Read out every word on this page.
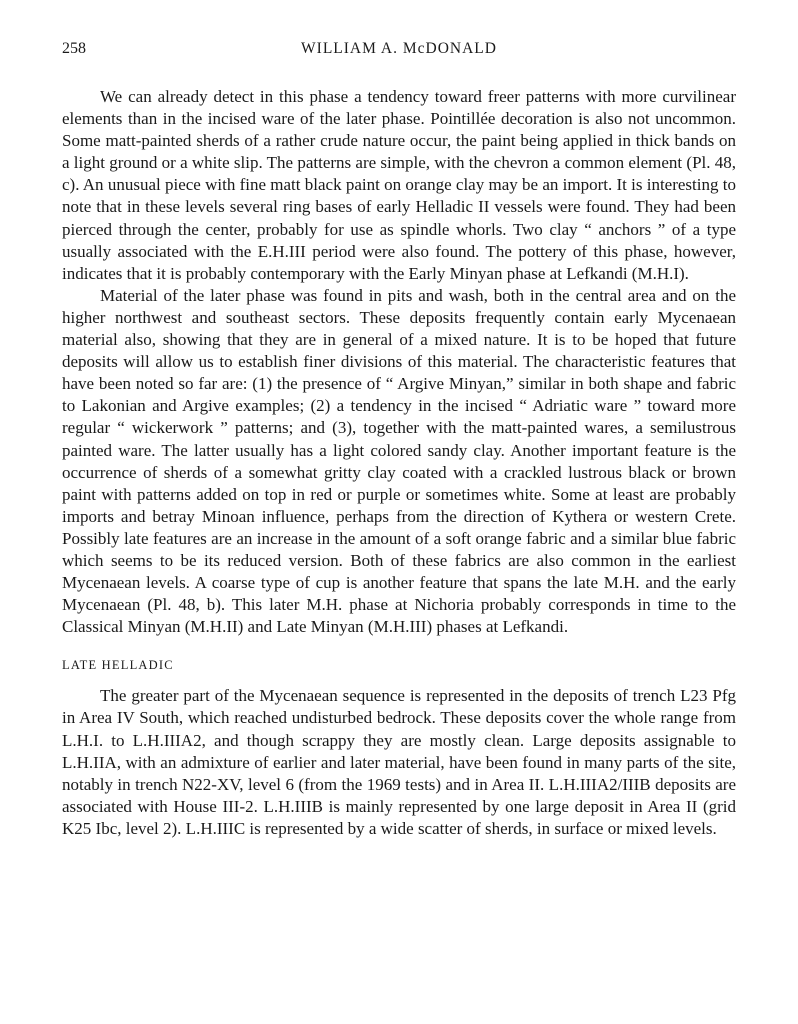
258	WILLIAM A. McDONALD

We can already detect in this phase a tendency toward freer patterns with more curvilinear elements than in the incised ware of the later phase. Pointillée decoration is also not uncommon. Some matt-painted sherds of a rather crude nature occur, the paint being applied in thick bands on a light ground or a white slip. The patterns are simple, with the chevron a common element (Pl. 48, c). An unusual piece with fine matt black paint on orange clay may be an import. It is interesting to note that in these levels several ring bases of early Helladic II vessels were found. They had been pierced through the center, probably for use as spindle whorls. Two clay “ anchors ” of a type usually associated with the E.H.III period were also found. The pottery of this phase, however, indicates that it is probably contemporary with the Early Minyan phase at Lefkandi (M.H.I).

Material of the later phase was found in pits and wash, both in the central area and on the higher northwest and southeast sectors. These deposits frequently contain early Mycenaean material also, showing that they are in general of a mixed nature. It is to be hoped that future deposits will allow us to establish finer divisions of this material. The characteristic features that have been noted so far are: (1) the presence of “ Argive Minyan,” similar in both shape and fabric to Lakonian and Argive examples; (2) a tendency in the incised “ Adriatic ware ” toward more regular “ wickerwork ” patterns; and (3), together with the matt-painted wares, a semilustrous painted ware. The latter usually has a light colored sandy clay. Another important feature is the occurrence of sherds of a somewhat gritty clay coated with a crackled lustrous black or brown paint with patterns added on top in red or purple or sometimes white. Some at least are probably imports and betray Minoan influence, perhaps from the direction of Kythera or western Crete. Possibly late features are an increase in the amount of a soft orange fabric and a similar blue fabric which seems to be its reduced version. Both of these fabrics are also common in the earliest Mycenaean levels. A coarse type of cup is another feature that spans the late M.H. and the early Mycenaean (Pl. 48, b). This later M.H. phase at Nichoria probably corresponds in time to the Classical Minyan (M.H.II) and Late Minyan (M.H.III) phases at Lefkandi.

LATE HELLADIC

The greater part of the Mycenaean sequence is represented in the deposits of trench L23 Pfg in Area IV South, which reached undisturbed bedrock. These deposits cover the whole range from L.H.I. to L.H.IIIA2, and though scrappy they are mostly clean. Large deposits assignable to L.H.IIA, with an admixture of earlier and later material, have been found in many parts of the site, notably in trench N22-XV, level 6 (from the 1969 tests) and in Area II. L.H.IIIA2/IIIB deposits are associated with House III-2. L.H.IIIB is mainly represented by one large deposit in Area II (grid K25 Ibc, level 2). L.H.IIIC is represented by a wide scatter of sherds, in surface or mixed levels.
